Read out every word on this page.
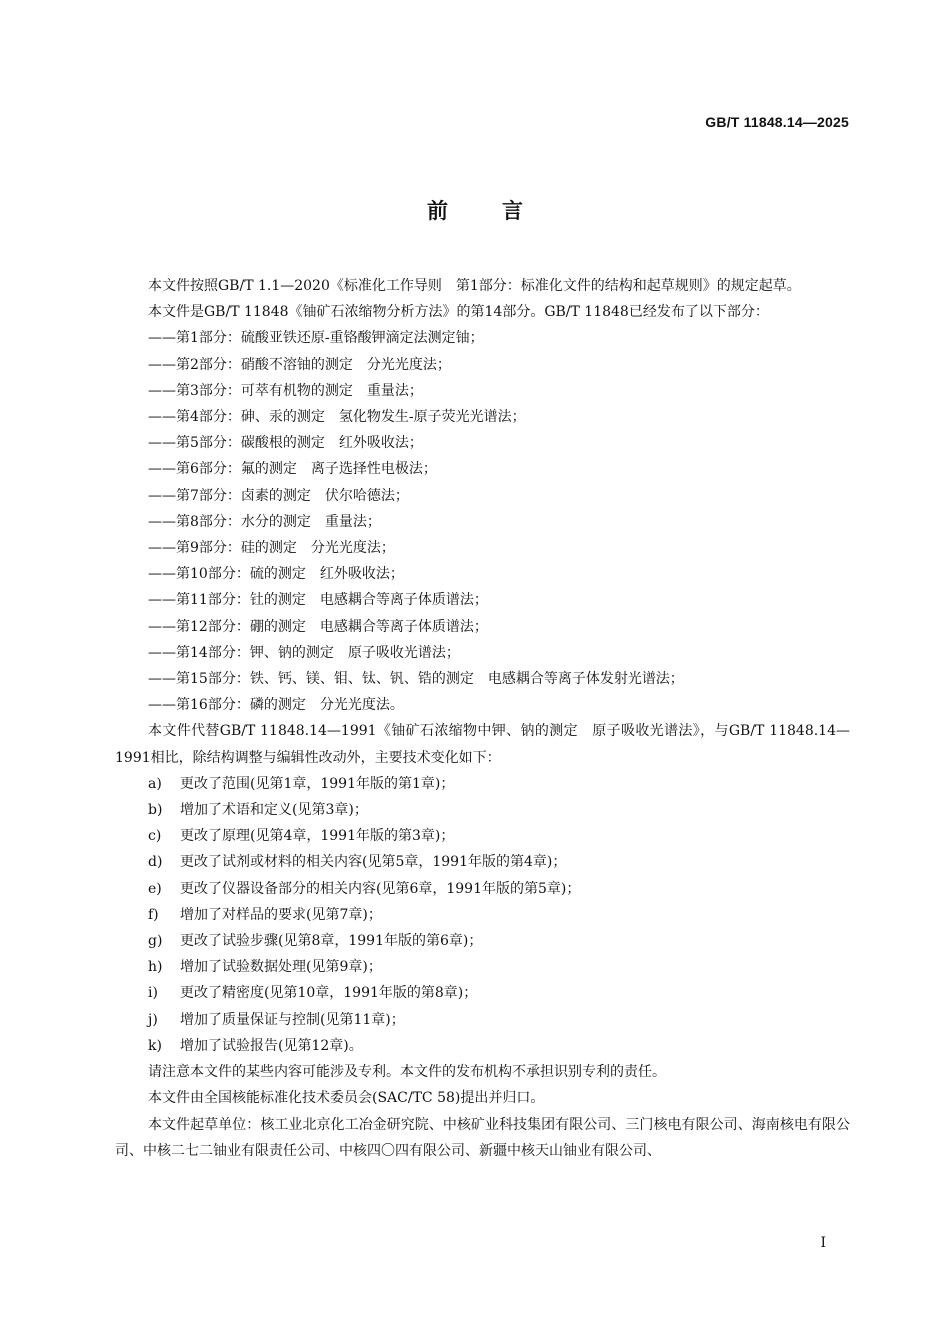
GB/T 11848.14—2025
前言

本文件按照GB/T 1.1—2020《标准化工作导则　第1部分：标准化文件的结构和起草规则》的规定起草。

本文件是GB/T 11848《铀矿石浓缩物分析方法》的第14部分。GB/T 11848已经发布了以下部分：

——第1部分：硫酸亚铁还原-重铬酸钾滴定法测定铀；

——第2部分：硝酸不溶铀的测定　分光光度法；

——第3部分：可萃有机物的测定　重量法；

——第4部分：砷、汞的测定　氢化物发生-原子荧光光谱法；

——第5部分：碳酸根的测定　红外吸收法；

——第6部分：氟的测定　离子选择性电极法；

——第7部分：卤素的测定　伏尔哈德法；

——第8部分：水分的测定　重量法；

——第9部分：硅的测定　分光光度法；

——第10部分：硫的测定　红外吸收法；

——第11部分：钍的测定　电感耦合等离子体质谱法；

——第12部分：硼的测定　电感耦合等离子体质谱法；

——第14部分：钾、钠的测定　原子吸收光谱法；

——第15部分：铁、钙、镁、钼、钛、钒、锆的测定　电感耦合等离子体发射光谱法；

——第16部分：磷的测定　分光光度法。

本文件代替GB/T 11848.14—1991《铀矿石浓缩物中钾、钠的测定　原子吸收光谱法》，与GB/T 11848.14—1991相比，除结构调整与编辑性改动外，主要技术变化如下：

a) 更改了范围(见第1章，1991年版的第1章)；

b) 增加了术语和定义(见第3章)；

c) 更改了原理(见第4章，1991年版的第3章)；

d) 更改了试剂或材料的相关内容(见第5章，1991年版的第4章)；

e) 更改了仪器设备部分的相关内容(见第6章，1991年版的第5章)；

f) 增加了对样品的要求(见第7章)；

g) 更改了试验步骤(见第8章，1991年版的第6章)；

h) 增加了试验数据处理(见第9章)；

i) 更改了精密度(见第10章，1991年版的第8章)；

j) 增加了质量保证与控制(见第11章)；

k) 增加了试验报告(见第12章)。

请注意本文件的某些内容可能涉及专利。本文件的发布机构不承担识别专利的责任。

本文件由全国核能标准化技术委员会(SAC/TC 58)提出并归口。

本文件起草单位：核工业北京化工冶金研究院、中核矿业科技集团有限公司、三门核电有限公司、海南核电有限公司、中核二七二铀业有限责任公司、中核四〇四有限公司、新疆中核天山铀业有限公司、

I
